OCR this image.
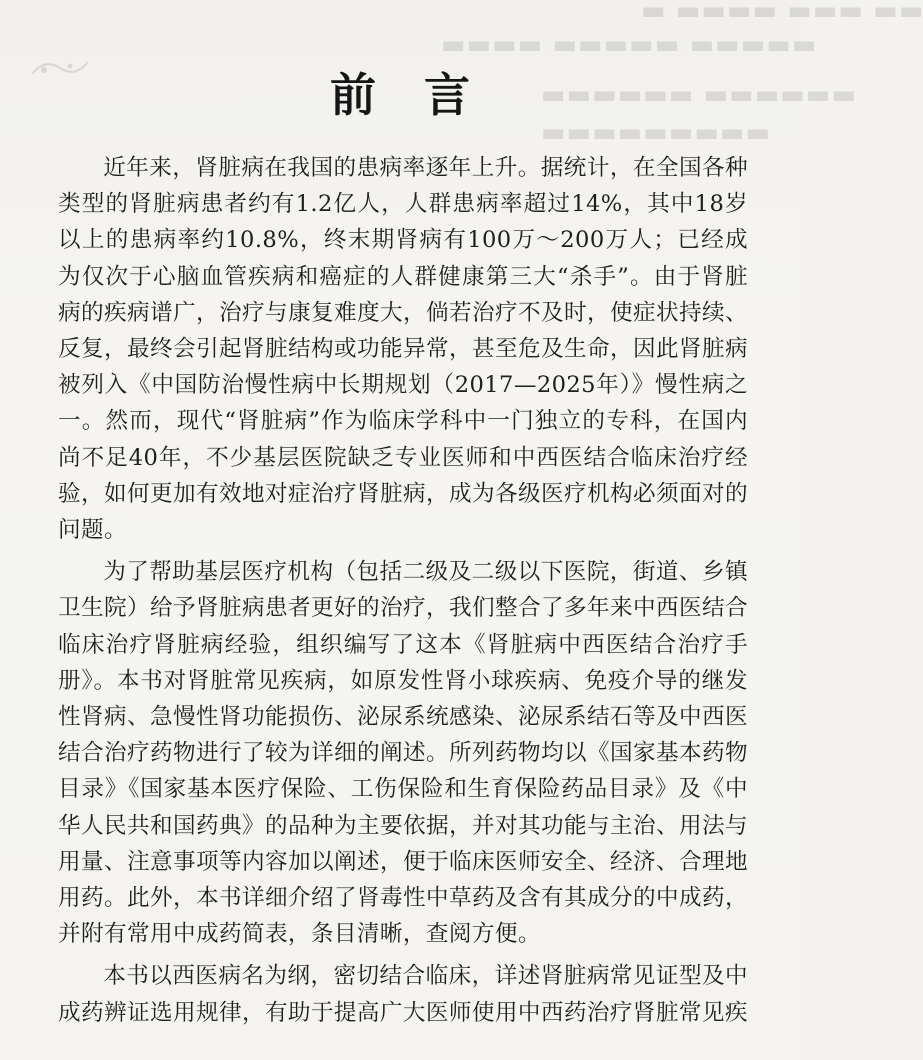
▬▬ ▬▬▬ ▬▬▬▬ ▬
▬▬▬▬▬ ▬▬▬▬▬ ▬▬▬▬
▬▬▬▬▬▬ ▬▬▬▬▬▬
▬▬▬▬▬▬▬▬▬
前言

近年来，肾脏病在我国的患病率逐年上升。据统计，在全国各种类型的肾脏病患者约有1.2亿人，人群患病率超过14%，其中18岁以上的患病率约10.8%，终末期肾病有100万～200万人；已经成为仅次于心脑血管疾病和癌症的人群健康第三大“杀手”。由于肾脏病的疾病谱广，治疗与康复难度大，倘若治疗不及时，使症状持续、反复，最终会引起肾脏结构或功能异常，甚至危及生命，因此肾脏病被列入《中国防治慢性病中长期规划（2017—2025年）》慢性病之一。然而，现代“肾脏病”作为临床学科中一门独立的专科，在国内尚不足40年，不少基层医院缺乏专业医师和中西医结合临床治疗经验，如何更加有效地对症治疗肾脏病，成为各级医疗机构必须面对的问题。

为了帮助基层医疗机构（包括二级及二级以下医院，街道、乡镇卫生院）给予肾脏病患者更好的治疗，我们整合了多年来中西医结合临床治疗肾脏病经验，组织编写了这本《肾脏病中西医结合治疗手册》。本书对肾脏常见疾病，如原发性肾小球疾病、免疫介导的继发性肾病、急慢性肾功能损伤、泌尿系统感染、泌尿系结石等及中西医结合治疗药物进行了较为详细的阐述。所列药物均以《国家基本药物目录》《国家基本医疗保险、工伤保险和生育保险药品目录》及《中华人民共和国药典》的品种为主要依据，并对其功能与主治、用法与用量、注意事项等内容加以阐述，便于临床医师安全、经济、合理地用药。此外，本书详细介绍了肾毒性中草药及含有其成分的中成药，并附有常用中成药简表，条目清晰，查阅方便。

本书以西医病名为纲，密切结合临床，详述肾脏病常见证型及中成药辨证选用规律，有助于提高广大医师使用中西药治疗肾脏常见疾
